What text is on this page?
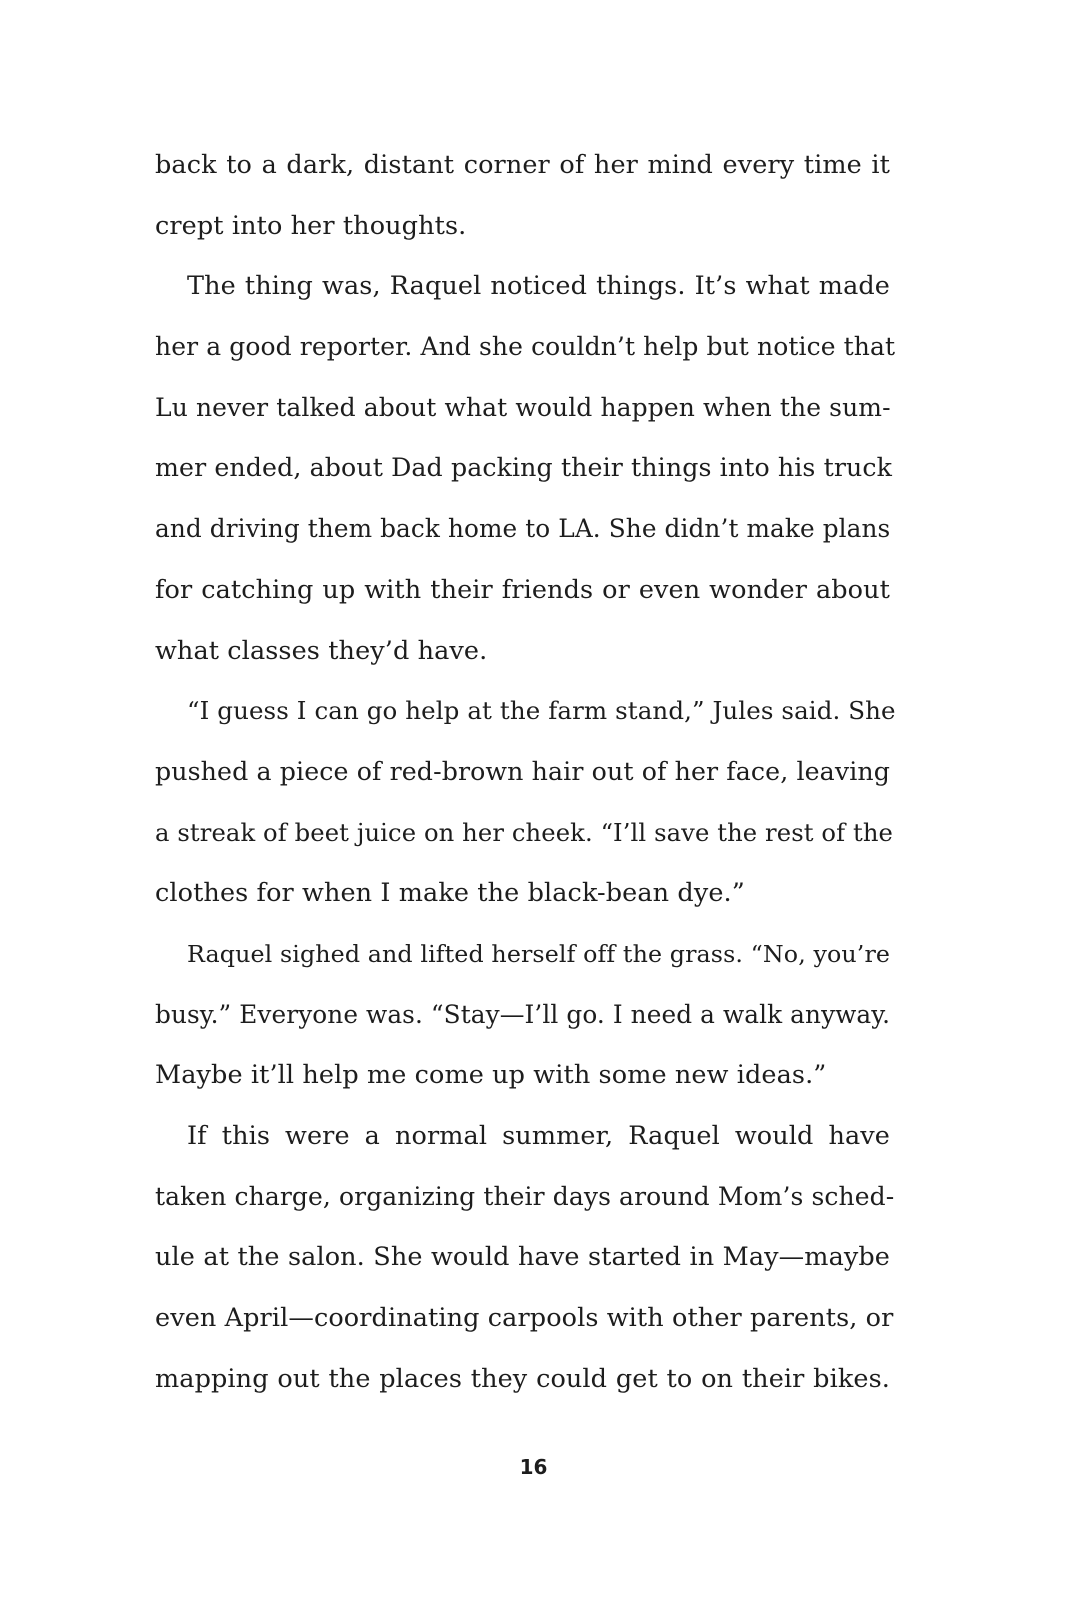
back to a dark, distant corner of her mind every time it
crept into her thoughts.
The thing was, Raquel noticed things. It’s what made
her a good reporter. And she couldn’t help but notice that
Lu never talked about what would happen when the sum-
mer ended, about Dad packing their things into his truck
and driving them back home to LA. She didn’t make plans
for catching up with their friends or even wonder about
what classes they’d have.
“I guess I can go help at the farm stand,” Jules said. She
pushed a piece of red-brown hair out of her face, leaving
a streak of beet juice on her cheek. “I’ll save the rest of the
clothes for when I make the black-bean dye.”
Raquel sighed and lifted herself off the grass. “No, you’re
busy.” Everyone was. “Stay—I’ll go. I need a walk anyway.
Maybe it’ll help me come up with some new ideas.”
If this were a normal summer, Raquel would have
taken charge, organizing their days around Mom’s sched-
ule at the salon. She would have started in May—maybe
even April—coordinating carpools with other parents, or
mapping out the places they could get to on their bikes.
16
